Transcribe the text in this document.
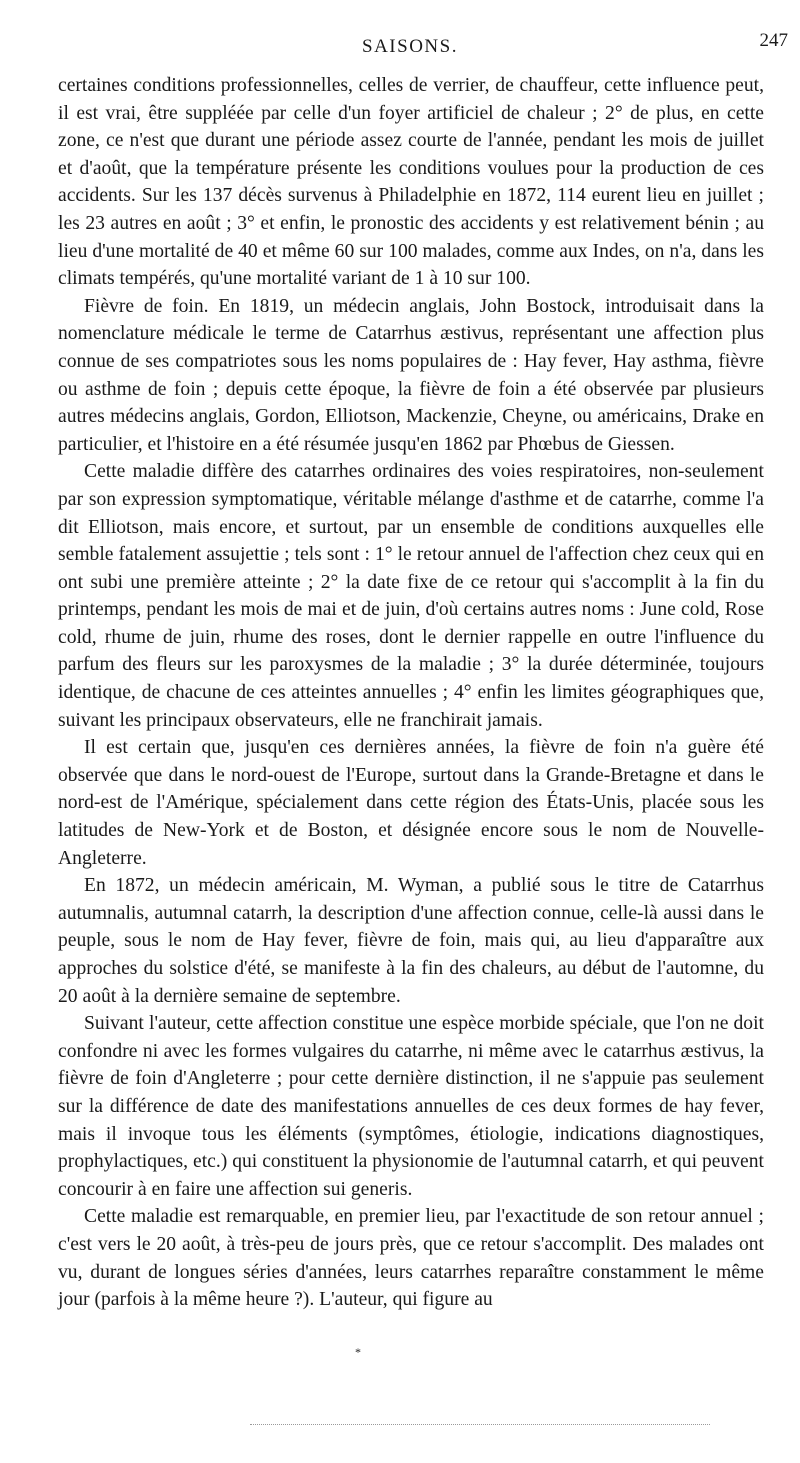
SAISONS.	247

certaines conditions professionnelles, celles de verrier, de chauffeur, cette influence peut, il est vrai, être suppléée par celle d'un foyer artificiel de chaleur ; 2° de plus, en cette zone, ce n'est que durant une période assez courte de l'année, pendant les mois de juillet et d'août, que la température présente les conditions voulues pour la production de ces accidents. Sur les 137 décès survenus à Philadelphie en 1872, 114 eurent lieu en juillet ; les 23 autres en août ; 3° et enfin, le pronostic des accidents y est relativement bénin ; au lieu d'une mortalité de 40 et même 60 sur 100 malades, comme aux Indes, on n'a, dans les climats tempérés, qu'une mortalité variant de 1 à 10 sur 100.

Fièvre de foin. En 1819, un médecin anglais, John Bostock, introduisait dans la nomenclature médicale le terme de Catarrhus æstivus, représentant une affection plus connue de ses compatriotes sous les noms populaires de : Hay fever, Hay asthma, fièvre ou asthme de foin ; depuis cette époque, la fièvre de foin a été observée par plusieurs autres médecins anglais, Gordon, Elliotson, Mackenzie, Cheyne, ou américains, Drake en particulier, et l'histoire en a été résumée jusqu'en 1862 par Phœbus de Giessen.

Cette maladie diffère des catarrhes ordinaires des voies respiratoires, non-seulement par son expression symptomatique, véritable mélange d'asthme et de catarrhe, comme l'a dit Elliotson, mais encore, et surtout, par un ensemble de conditions auxquelles elle semble fatalement assujettie ; tels sont : 1° le retour annuel de l'affection chez ceux qui en ont subi une première atteinte ; 2° la date fixe de ce retour qui s'accomplit à la fin du printemps, pendant les mois de mai et de juin, d'où certains autres noms : June cold, Rose cold, rhume de juin, rhume des roses, dont le dernier rappelle en outre l'influence du parfum des fleurs sur les paroxysmes de la maladie ; 3° la durée déterminée, toujours identique, de chacune de ces atteintes annuelles ; 4° enfin les limites géographiques que, suivant les principaux observateurs, elle ne franchirait jamais.

Il est certain que, jusqu'en ces dernières années, la fièvre de foin n'a guère été observée que dans le nord-ouest de l'Europe, surtout dans la Grande-Bretagne et dans le nord-est de l'Amérique, spécialement dans cette région des États-Unis, placée sous les latitudes de New-York et de Boston, et désignée encore sous le nom de Nouvelle-Angleterre.

En 1872, un médecin américain, M. Wyman, a publié sous le titre de Catarrhus autumnalis, autumnal catarrh, la description d'une affection connue, celle-là aussi dans le peuple, sous le nom de Hay fever, fièvre de foin, mais qui, au lieu d'apparaître aux approches du solstice d'été, se manifeste à la fin des chaleurs, au début de l'automne, du 20 août à la dernière semaine de septembre.

Suivant l'auteur, cette affection constitue une espèce morbide spéciale, que l'on ne doit confondre ni avec les formes vulgaires du catarrhe, ni même avec le catarrhus æstivus, la fièvre de foin d'Angleterre ; pour cette dernière distinction, il ne s'appuie pas seulement sur la différence de date des manifestations annuelles de ces deux formes de hay fever, mais il invoque tous les éléments (symptômes, étiologie, indications diagnostiques, prophylactiques, etc.) qui constituent la physionomie de l'autumnal catarrh, et qui peuvent concourir à en faire une affection sui generis.

Cette maladie est remarquable, en premier lieu, par l'exactitude de son retour annuel ; c'est vers le 20 août, à très-peu de jours près, que ce retour s'accomplit. Des malades ont vu, durant de longues séries d'années, leurs catarrhes reparaître constamment le même jour (parfois à la même heure ?). L'auteur, qui figure au

*
